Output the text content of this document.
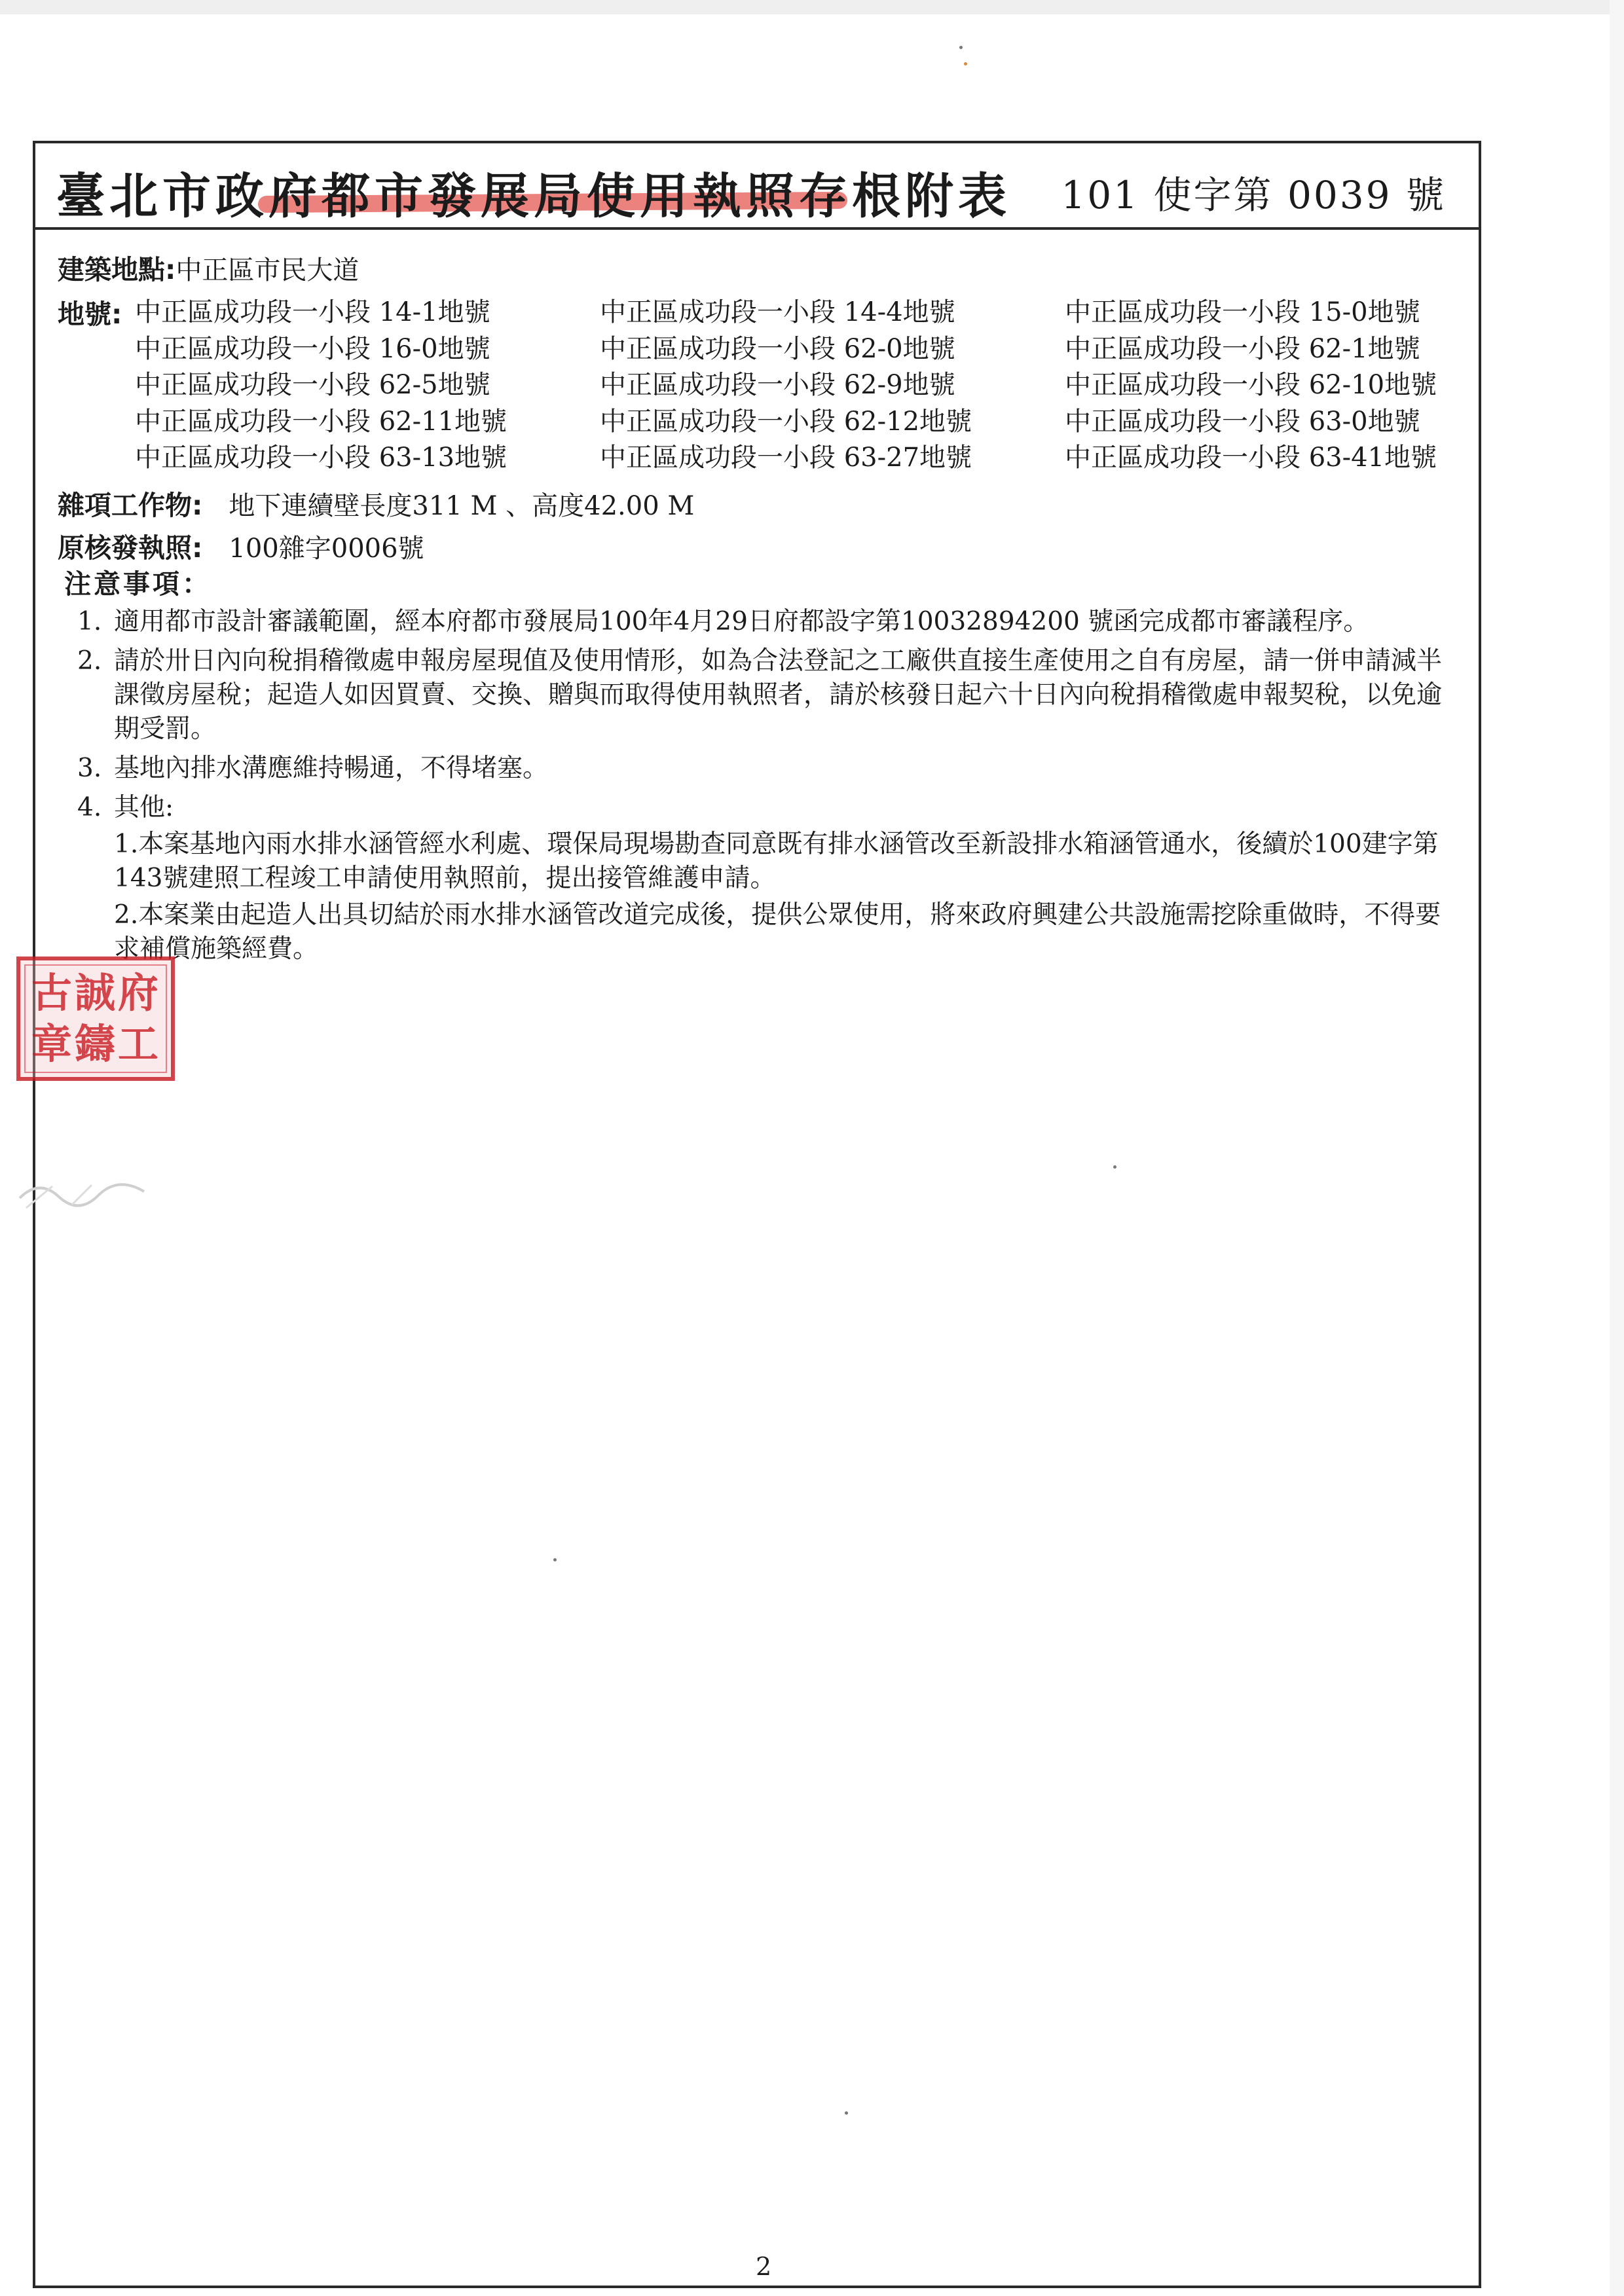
臺北市政府都市發展局使用執照存根附表 101 使字第 0039 號
建築地點:中正區市民大道
地號: 中正區成功段一小段 14-1地號	中正區成功段一小段 14-4地號	中正區成功段一小段 15-0地號
中正區成功段一小段 16-0地號	中正區成功段一小段 62-0地號	中正區成功段一小段 62-1地號
中正區成功段一小段 62-5地號	中正區成功段一小段 62-9地號	中正區成功段一小段 62-10地號
中正區成功段一小段 62-11地號	中正區成功段一小段 62-12地號	中正區成功段一小段 63-0地號
中正區成功段一小段 63-13地號	中正區成功段一小段 63-27地號	中正區成功段一小段 63-41地號
雜項工作物: 地下連續壁長度311 M 、高度42.00 M
原核發執照: 100雜字0006號
注意事項：
1. 適用都市設計審議範圍，經本府都市發展局100年4月29日府都設字第10032894200 號函完成都市審議程序。
2. 請於卅日內向稅捐稽徵處申報房屋現值及使用情形，如為合法登記之工廠供直接生產使用之自有房屋，請一併申請減半課徵房屋稅；起造人如因買賣、交換、贈與而取得使用執照者，請於核發日起六十日內向稅捐稽徵處申報契稅，以免逾期受罰。
3. 基地內排水溝應維持暢通，不得堵塞。
4. 其他:
1.本案基地內雨水排水涵管經水利處、環保局現場勘查同意既有排水涵管改至新設排水箱涵管通水，後續於100建字第143號建照工程竣工申請使用執照前，提出接管維護申請。
2.本案業由起造人出具切結於雨水排水涵管改道完成後，提供公眾使用，將來政府興建公共設施需挖除重做時，不得要求補償施築經費。
古 誠 府
章 鑄 工
2
